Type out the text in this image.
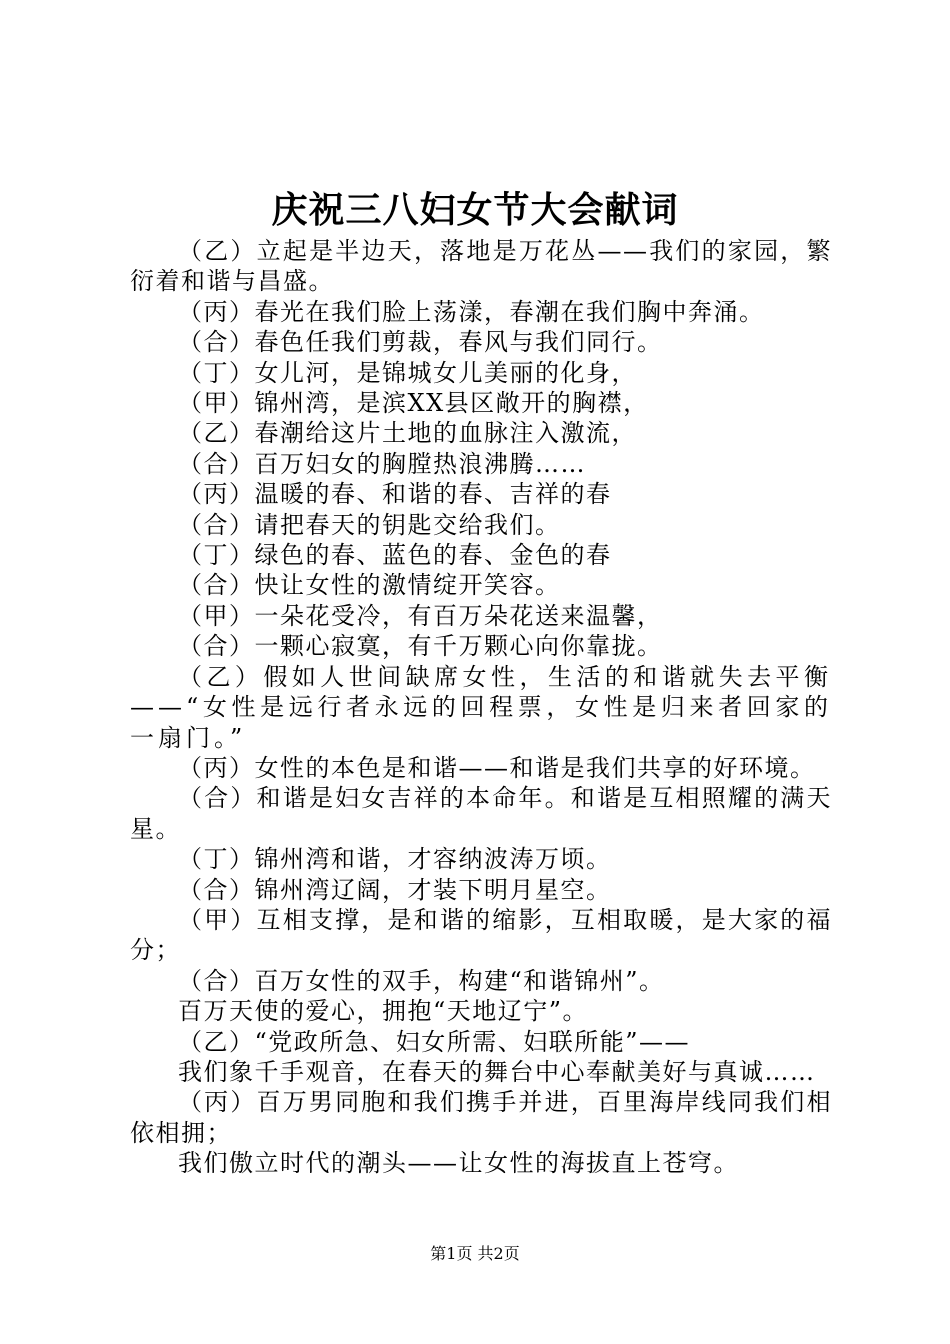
庆祝三八妇女节大会献词

（乙）立起是半边天，落地是万花丛——我们的家园，繁衍着和谐与昌盛。

（丙）春光在我们脸上荡漾，春潮在我们胸中奔涌。

（合）春色任我们剪裁，春风与我们同行。

（丁）女儿河，是锦城女儿美丽的化身，

（甲）锦州湾，是滨XX县区敞开的胸襟，

（乙）春潮给这片土地的血脉注入激流，

（合）百万妇女的胸膛热浪沸腾……

（丙）温暖的春、和谐的春、吉祥的春

（合）请把春天的钥匙交给我们。

（丁）绿色的春、蓝色的春、金色的春

（合）快让女性的激情绽开笑容。

（甲）一朵花受冷，有百万朵花送来温馨，

（合）一颗心寂寞，有千万颗心向你靠拢。

（乙）假如人世间缺席女性，生活的和谐就失去平衡——“女性是远行者永远的回程票，女性是归来者回家的一扇门。”

（丙）女性的本色是和谐——和谐是我们共享的好环境。

（合）和谐是妇女吉祥的本命年。和谐是互相照耀的满天星。

（丁）锦州湾和谐，才容纳波涛万顷。

（合）锦州湾辽阔，才装下明月星空。

（甲）互相支撑，是和谐的缩影，互相取暖，是大家的福分；

（合）百万女性的双手，构建“和谐锦州”。

百万天使的爱心，拥抱“天地辽宁”。

（乙）“党政所急、妇女所需、妇联所能”——

我们象千手观音，在春天的舞台中心奉献美好与真诚……

（丙）百万男同胞和我们携手并进，百里海岸线同我们相依相拥；

我们傲立时代的潮头——让女性的海拔直上苍穹。

第1页 共2页
